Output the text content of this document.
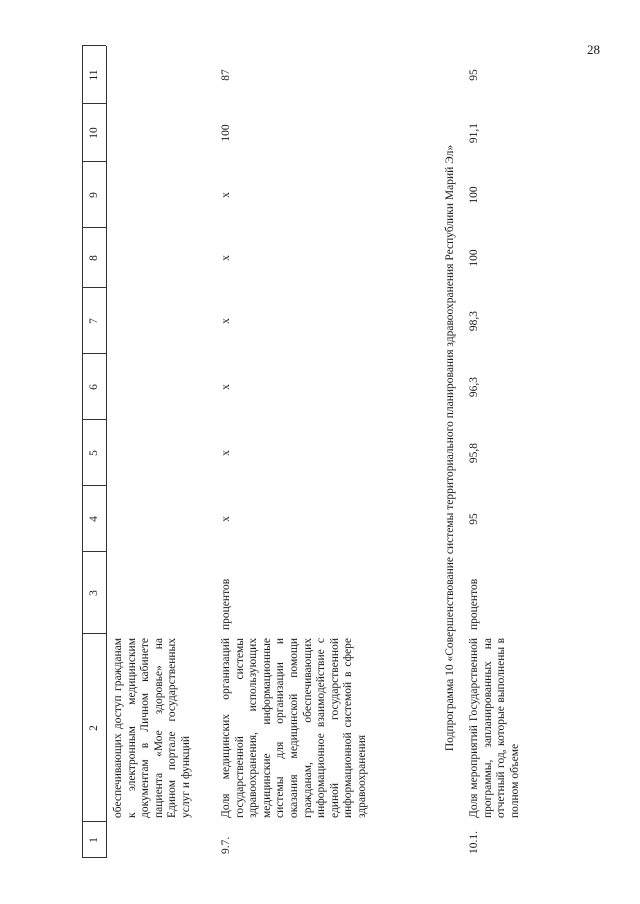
28
1
2
3
4
5
6
7
8
9
10
11
обеспечивающих доступ гражданам к электронным медицинским документам в Личном кабинете пациента «Мое здоровье» на Едином портале государственных услуг и функций
9.7.
Доля медицинских организаций государственной системы здравоохранения, использующих медицинские информационные системы для организации и оказания медицинской помощи гражданам, обеспечивающих информационное взаимодействие с единой государственной информационной системой в сфере здравоохранения
процентов
x
x
x
x
x
x
100
87
Подпрограмма 10 «Совершенствование системы территориального планирования здравоохранения Республики Марий Эл»
10.1.
Доля мероприятий Государственной программы, запланированных на отчетный год, которые выполнены в полном объеме
процентов
95
95,8
96,3
98,3
100
100
91,1
95
